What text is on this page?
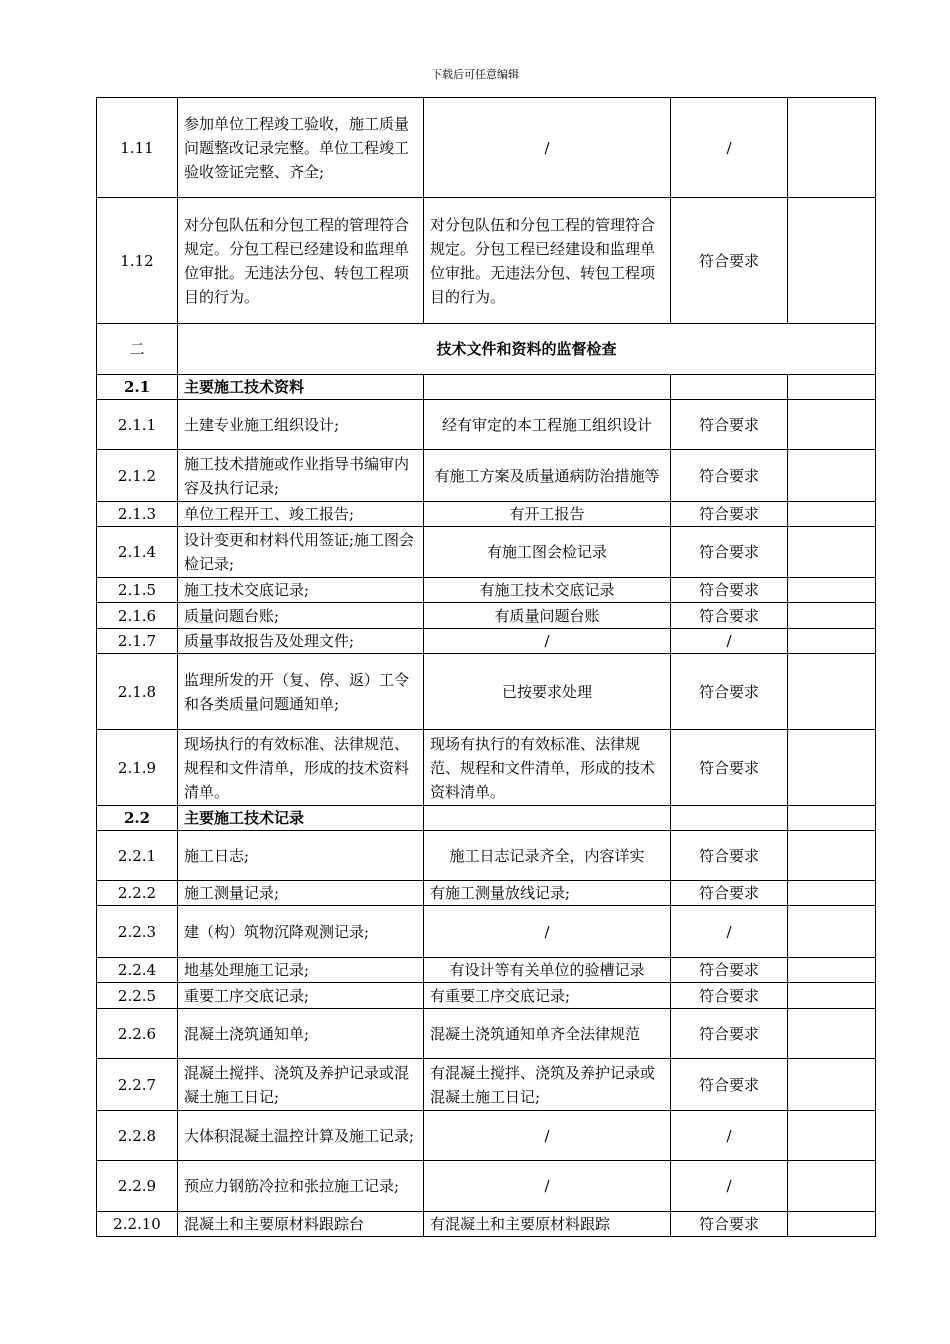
下载后可任意编辑
1.11	参加单位工程竣工验收，施工质量问题整改记录完整。单位工程竣工验收签证完整、齐全;	/	/	
1.12	对分包队伍和分包工程的管理符合规定。分包工程已经建设和监理单位审批。无违法分包、转包工程项目的行为。	对分包队伍和分包工程的管理符合规定。分包工程已经建设和监理单位审批。无违法分包、转包工程项目的行为。	符合要求	
二	技术文件和资料的监督检查			
2.1	主要施工技术资料			
2.1.1	土建专业施工组织设计;	经有审定的本工程施工组织设计	符合要求	
2.1.2	施工技术措施或作业指导书编审内容及执行记录;	有施工方案及质量通病防治措施等	符合要求	
2.1.3	单位工程开工、竣工报告;	有开工报告	符合要求	
2.1.4	设计变更和材料代用签证;施工图会检记录;	有施工图会检记录	符合要求	
2.1.5	施工技术交底记录;	有施工技术交底记录	符合要求	
2.1.6	质量问题台账;	有质量问题台账	符合要求	
2.1.7	质量事故报告及处理文件;	/	/	
2.1.8	监理所发的开（复、停、返）工令和各类质量问题通知单;	已按要求处理	符合要求	
2.1.9	现场执行的有效标准、法律规范、规程和文件清单，形成的技术资料清单。	现场有执行的有效标准、法律规范、规程和文件清单，形成的技术资料清单。	符合要求	
2.2	主要施工技术记录			
2.2.1	施工日志;	施工日志记录齐全，内容详实	符合要求	
2.2.2	施工测量记录;	有施工测量放线记录;	符合要求	
2.2.3	建（构）筑物沉降观测记录;	/	/	
2.2.4	地基处理施工记录;	有设计等有关单位的验槽记录	符合要求	
2.2.5	重要工序交底记录;	有重要工序交底记录;	符合要求	
2.2.6	混凝土浇筑通知单;	混凝土浇筑通知单齐全法律规范	符合要求	
2.2.7	混凝土搅拌、浇筑及养护记录或混凝土施工日记;	有混凝土搅拌、浇筑及养护记录或混凝土施工日记;	符合要求	
2.2.8	大体积混凝土温控计算及施工记录;	/	/	
2.2.9	预应力钢筋冷拉和张拉施工记录;	/	/	
2.2.10	混凝土和主要原材料跟踪台	有混凝土和主要原材料跟踪	符合要求	
